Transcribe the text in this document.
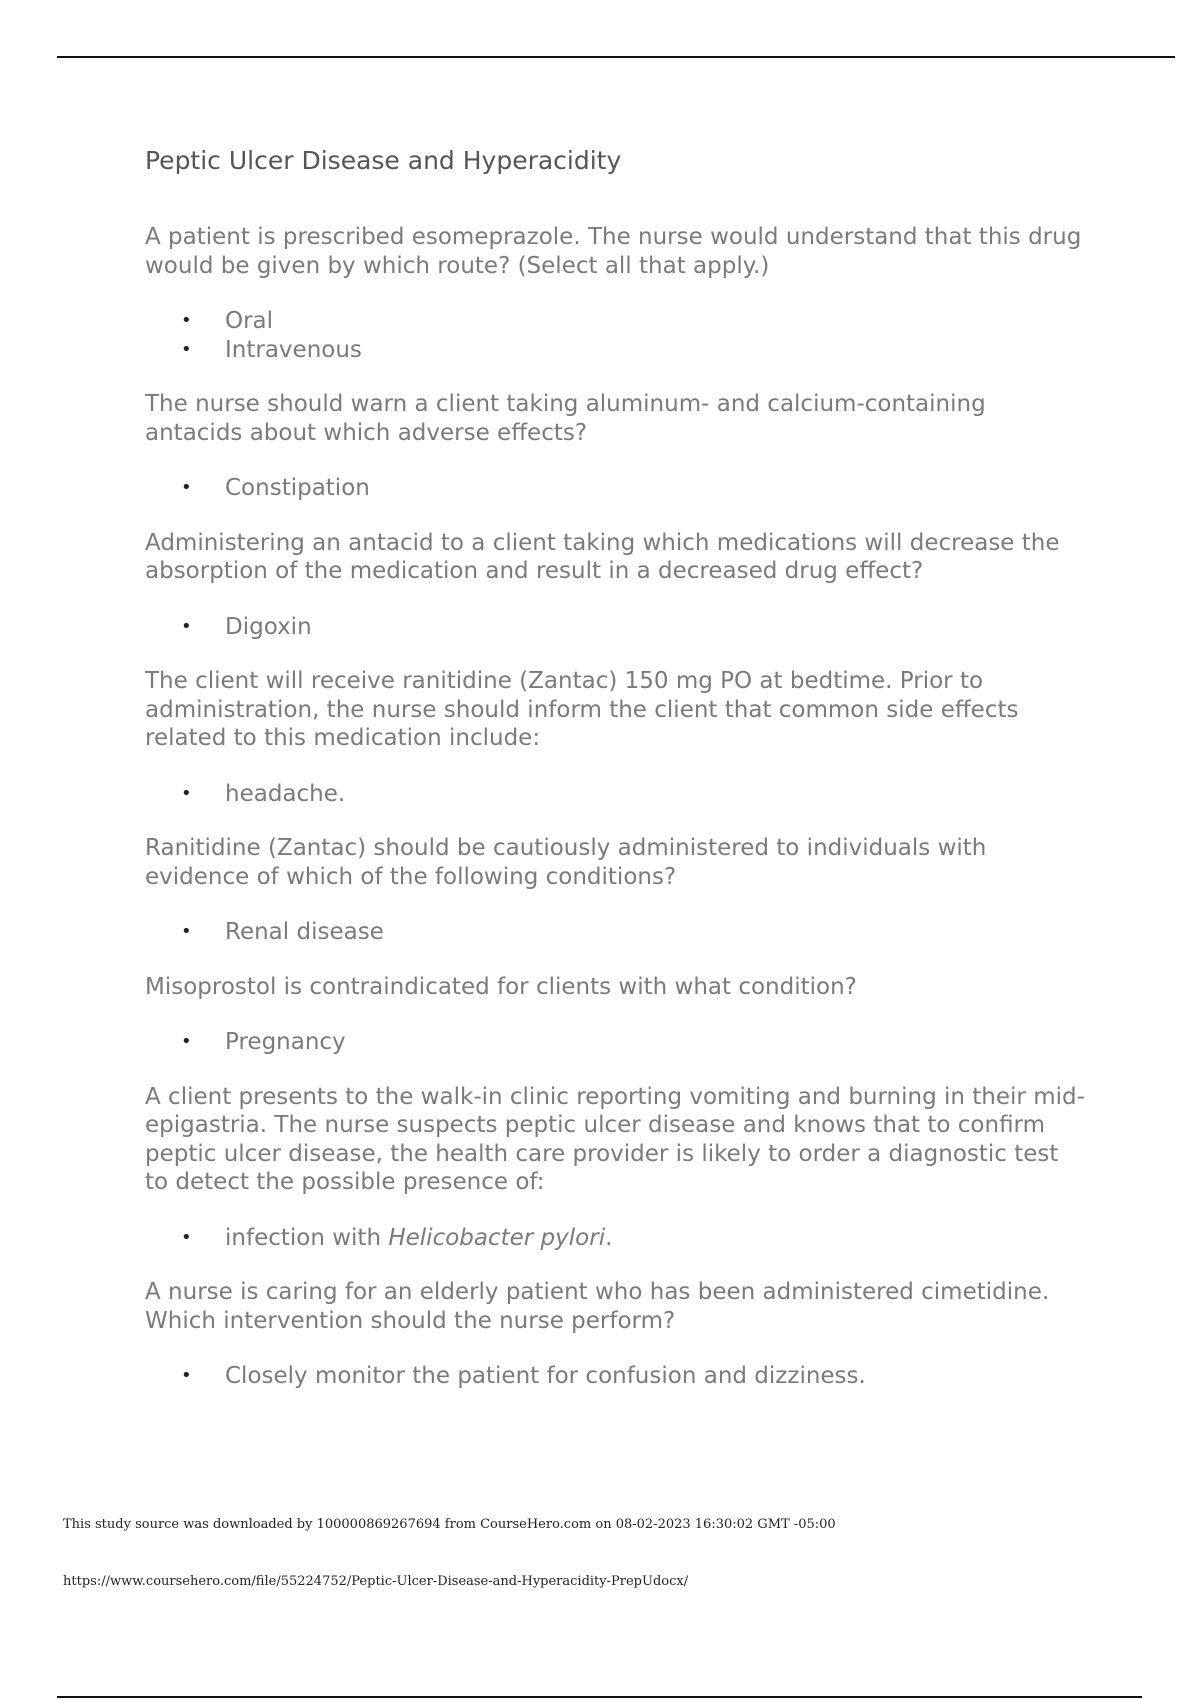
Peptic Ulcer Disease and Hyperacidity

A patient is prescribed esomeprazole. The nurse would understand that this drug would be given by which route? (Select all that apply.)

• Oral
• Intravenous

The nurse should warn a client taking aluminum- and calcium-containing antacids about which adverse effects?

• Constipation

Administering an antacid to a client taking which medications will decrease the absorption of the medication and result in a decreased drug effect?

• Digoxin

The client will receive ranitidine (Zantac) 150 mg PO at bedtime. Prior to administration, the nurse should inform the client that common side effects related to this medication include:

• headache.

Ranitidine (Zantac) should be cautiously administered to individuals with evidence of which of the following conditions?

• Renal disease

Misoprostol is contraindicated for clients with what condition?

• Pregnancy

A client presents to the walk-in clinic reporting vomiting and burning in their mid-epigastria. The nurse suspects peptic ulcer disease and knows that to confirm peptic ulcer disease, the health care provider is likely to order a diagnostic test to detect the possible presence of:

• infection with Helicobacter pylori.

A nurse is caring for an elderly patient who has been administered cimetidine. Which intervention should the nurse perform?

• Closely monitor the patient for confusion and dizziness.
This study source was downloaded by 100000869267694 from CourseHero.com on 08-02-2023 16:30:02 GMT -05:00
https://www.coursehero.com/file/55224752/Peptic-Ulcer-Disease-and-Hyperacidity-PrepUdocx/
